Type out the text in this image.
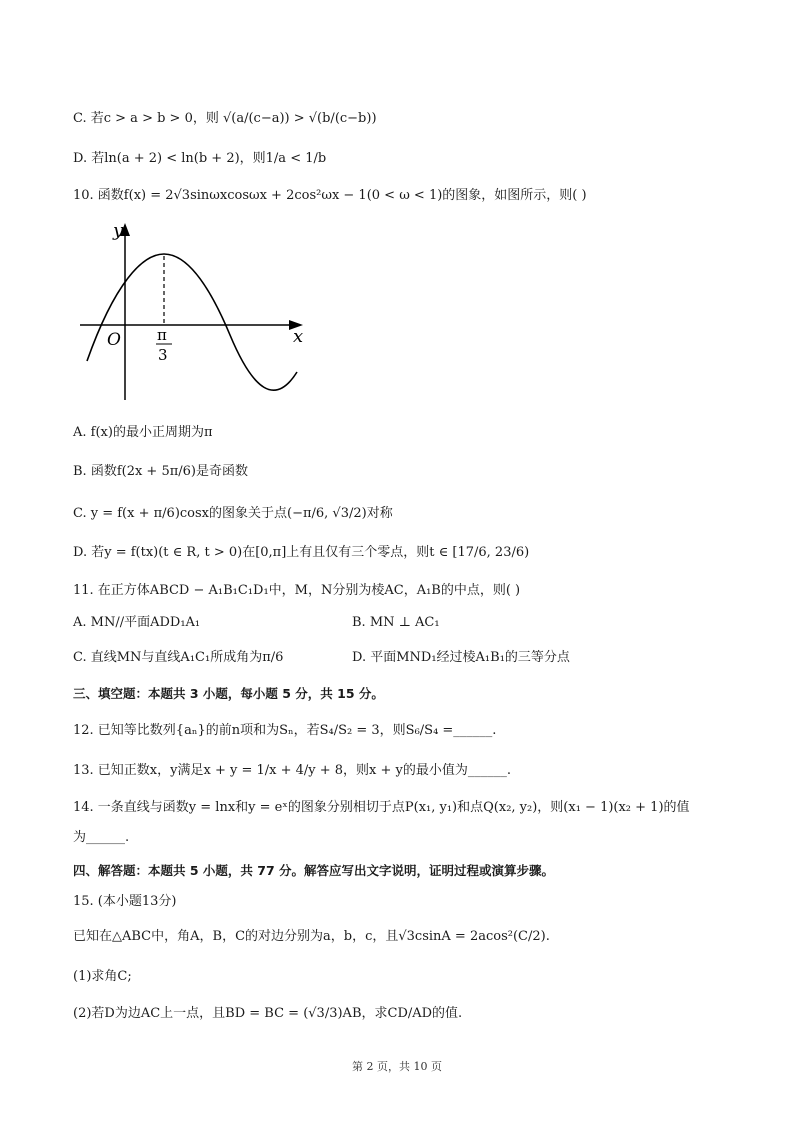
C. 若c > a > b > 0，则 √(a/(c−a)) > √(b/(c−b))
D. 若ln(a + 2) < ln(b + 2)，则1/a < 1/b
10. 函数f(x) = 2√3sinωxcosωx + 2cos²ωx − 1(0 < ω < 1)的图象，如图所示，则( )
y
x
O π
3
A. f(x)的最小正周期为π
B. 函数f(2x + 5π/6)是奇函数
C. y = f(x + π/6)cosx的图象关于点(−π/6, √3/2)对称
D. 若y = f(tx)(t ∈ R, t > 0)在[0,π]上有且仅有三个零点，则t ∈ [17/6, 23/6)
11. 在正方体ABCD − A₁B₁C₁D₁中，M，N分别为棱AC，A₁B的中点，则( )
A. MN//平面ADD₁A₁	B. MN ⊥ AC₁
C. 直线MN与直线A₁C₁所成角为π/6	D. 平面MND₁经过棱A₁B₁的三等分点
三、填空题：本题共 3 小题，每小题 5 分，共 15 分。
12. 已知等比数列{aₙ}的前n项和为Sₙ，若S₄/S₂ = 3，则S₆/S₄ =______.
13. 已知正数x，y满足x + y = 1/x + 4/y + 8，则x + y的最小值为______.
14. 一条直线与函数y = lnx和y = eˣ的图象分别相切于点P(x₁, y₁)和点Q(x₂, y₂)，则(x₁ − 1)(x₂ + 1)的值
为______.
四、解答题：本题共 5 小题，共 77 分。解答应写出文字说明，证明过程或演算步骤。
15. (本小题13分)
已知在△ABC中，角A，B，C的对边分别为a，b，c，且√3csinA = 2acos²(C/2).
(1)求角C;
(2)若D为边AC上一点，且BD = BC = (√3/3)AB，求CD/AD的值.
第 2 页，共 10 页
